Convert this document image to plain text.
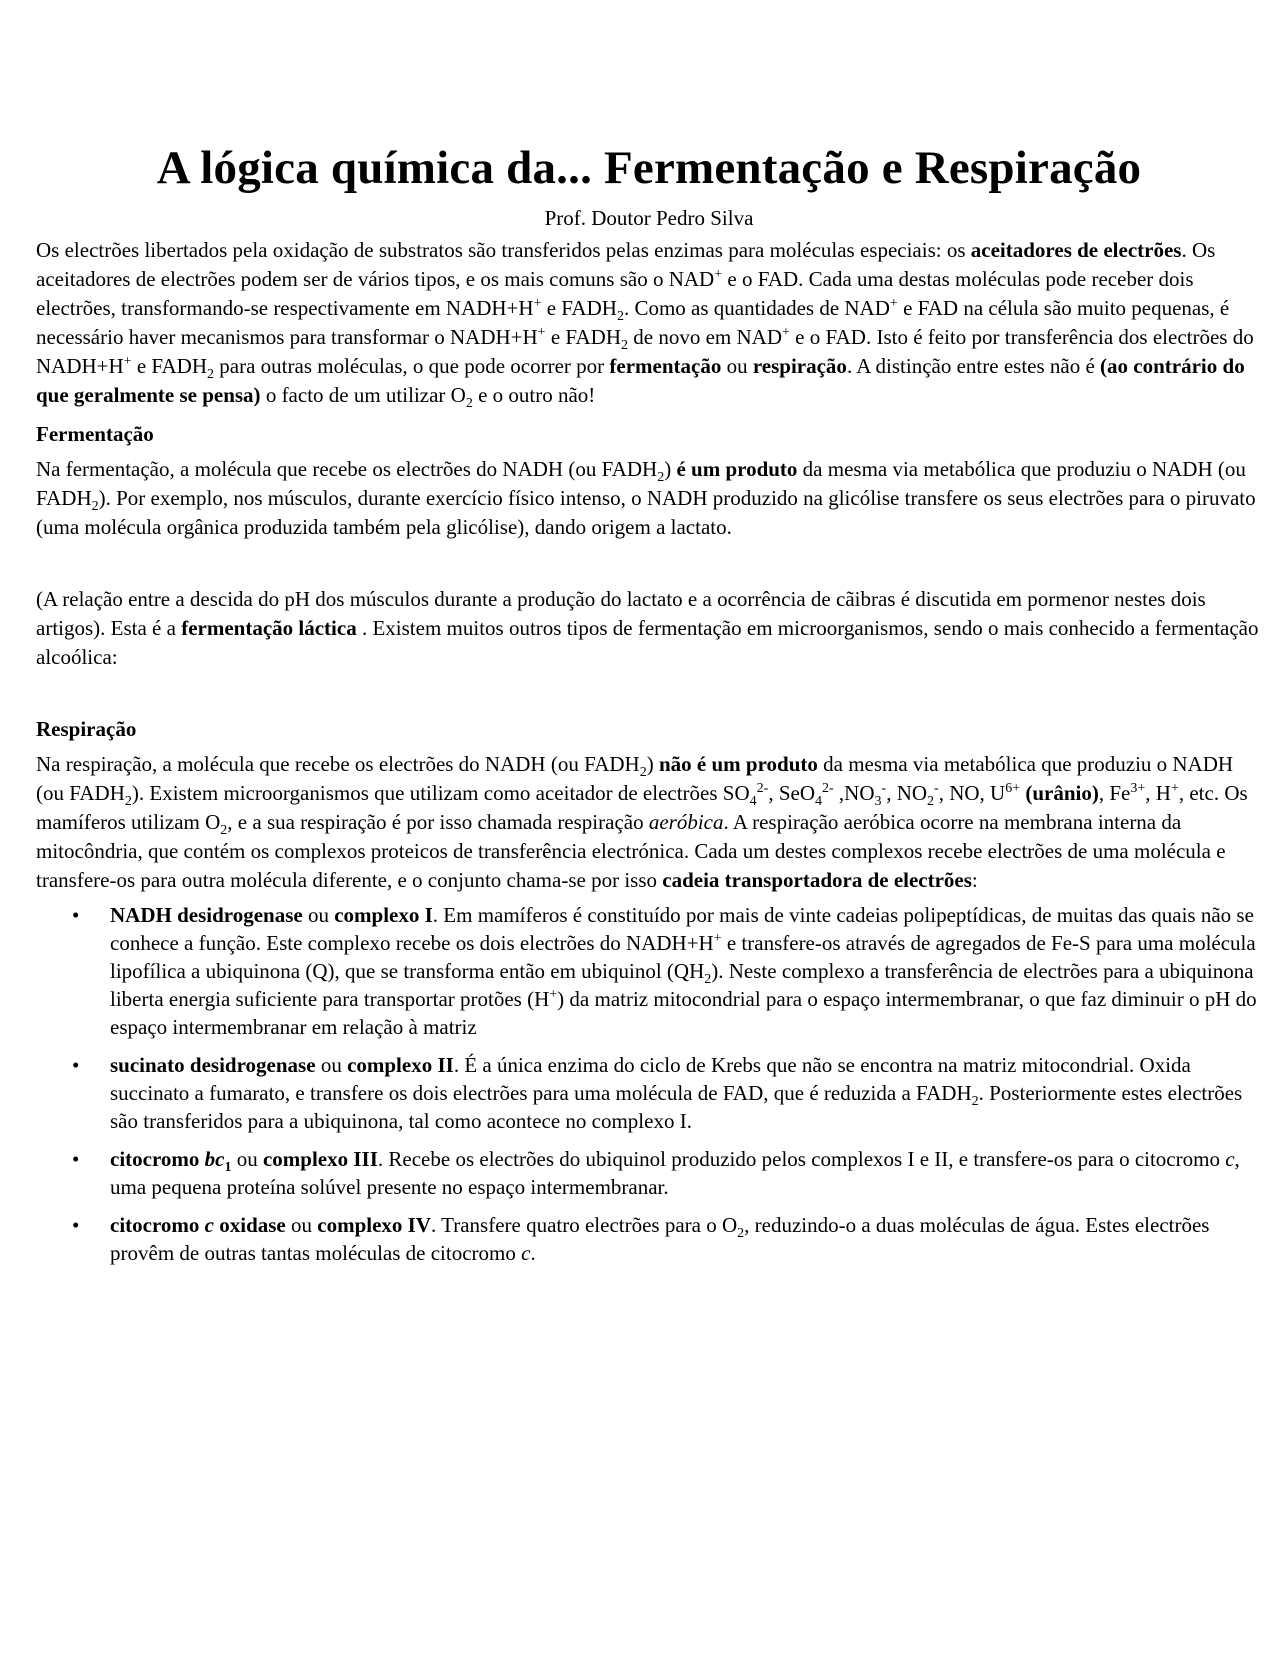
A lógica química da... Fermentação e Respiração
Prof. Doutor Pedro Silva

Os electrões libertados pela oxidação de substratos são transferidos pelas enzimas para moléculas especiais: os aceitadores de electrões. Os aceitadores de electrões podem ser de vários tipos, e os mais comuns são o NAD+ e o FAD. Cada uma destas moléculas pode receber dois electrões, transformando-se respectivamente em NADH+H+ e $FADH_2$. Como as quantidades de NAD+ e FAD na célula são muito pequenas, é necessário haver mecanismos para transformar o NADH+H+ e $FADH_2$ de novo em NAD+ e o FAD. Isto é feito por transferência dos electrões do NADH+H+ e $FADH_2$ para outras moléculas, o que pode ocorrer por fermentação ou respiração. A distinção entre estes não é (ao contrário do que geralmente se pensa) o facto de um utilizar $O_2$ e o outro não!

Fermentação

Na fermentação, a molécula que recebe os electrões do NADH (ou $FADH_2$) é um produto da mesma via metabólica que produziu o NADH (ou $FADH_2$). Por exemplo, nos músculos, durante exercício físico intenso, o NADH produzido na glicólise transfere os seus electrões para o piruvato (uma molécula orgânica produzida também pela glicólise), dando origem a lactato.

(A relação entre a descida do pH dos músculos durante a produção do lactato e a ocorrência de cãibras é discutida em pormenor nestes dois artigos). Esta é a fermentação láctica . Existem muitos outros tipos de fermentação em microorganismos, sendo o mais conhecido a fermentação alcoólica:

Respiração

Na respiração, a molécula que recebe os electrões do NADH (ou $FADH_2$) não é um produto da mesma via metabólica que produziu o NADH (ou $FADH_2$). Existem microorganismos que utilizam como aceitador de electrões $SO_4^{2-}$, SeO$_4^{2-}$ $,NO_3^-$, $NO_2^-$, NO, $U^{6+}$ (urânio), $Fe^{3+}$, H+, etc. Os mamíferos utilizam $O_2$, e a sua respiração é por isso chamada respiração aeróbica. A respiração aeróbica ocorre na membrana interna da mitocôndria, que contém os complexos proteicos de transferência electrónica. Cada um destes complexos recebe electrões de uma molécula e transfere-os para outra molécula diferente, e o conjunto chama-se por isso cadeia transportadora de electrões:

• NADH desidrogenase ou complexo I. Em mamíferos é constituído por mais de vinte cadeias polipeptídicas, de muitas das quais não se conhece a função. Este complexo recebe os dois electrões do NADH+H+ e transfere-os através de agregados de Fe-S para uma molécula lipofílica a ubiquinona (Q), que se transforma então em ubiquinol $(QH_2)$. Neste complexo a transferência de electrões para a ubiquinona liberta energia suficiente para transportar protões (H+) da matriz mitocondrial para o espaço intermembranar, o que faz diminuir o pH do espaço intermembranar em relação à matriz
• sucinato desidrogenase ou complexo II. É a única enzima do ciclo de Krebs que não se encontra na matriz mitocondrial. Oxida succinato a fumarato, e transfere os dois electrões para uma molécula de FAD, que é reduzida a $FADH_2$. Posteriormente estes electrões são transferidos para a ubiquinona, tal como acontece no complexo I.
• citocromo $bc_1$ ou complexo III. Recebe os electrões do ubiquinol produzido pelos complexos I e II, e transfere-os para o citocromo c, uma pequena proteína solúvel presente no espaço intermembranar.
• citocromo c oxidase ou complexo IV. Transfere quatro electrões para o $O_2$, reduzindo-o a duas moléculas de água. Estes electrões provêm de outras tantas moléculas de citocromo c.
